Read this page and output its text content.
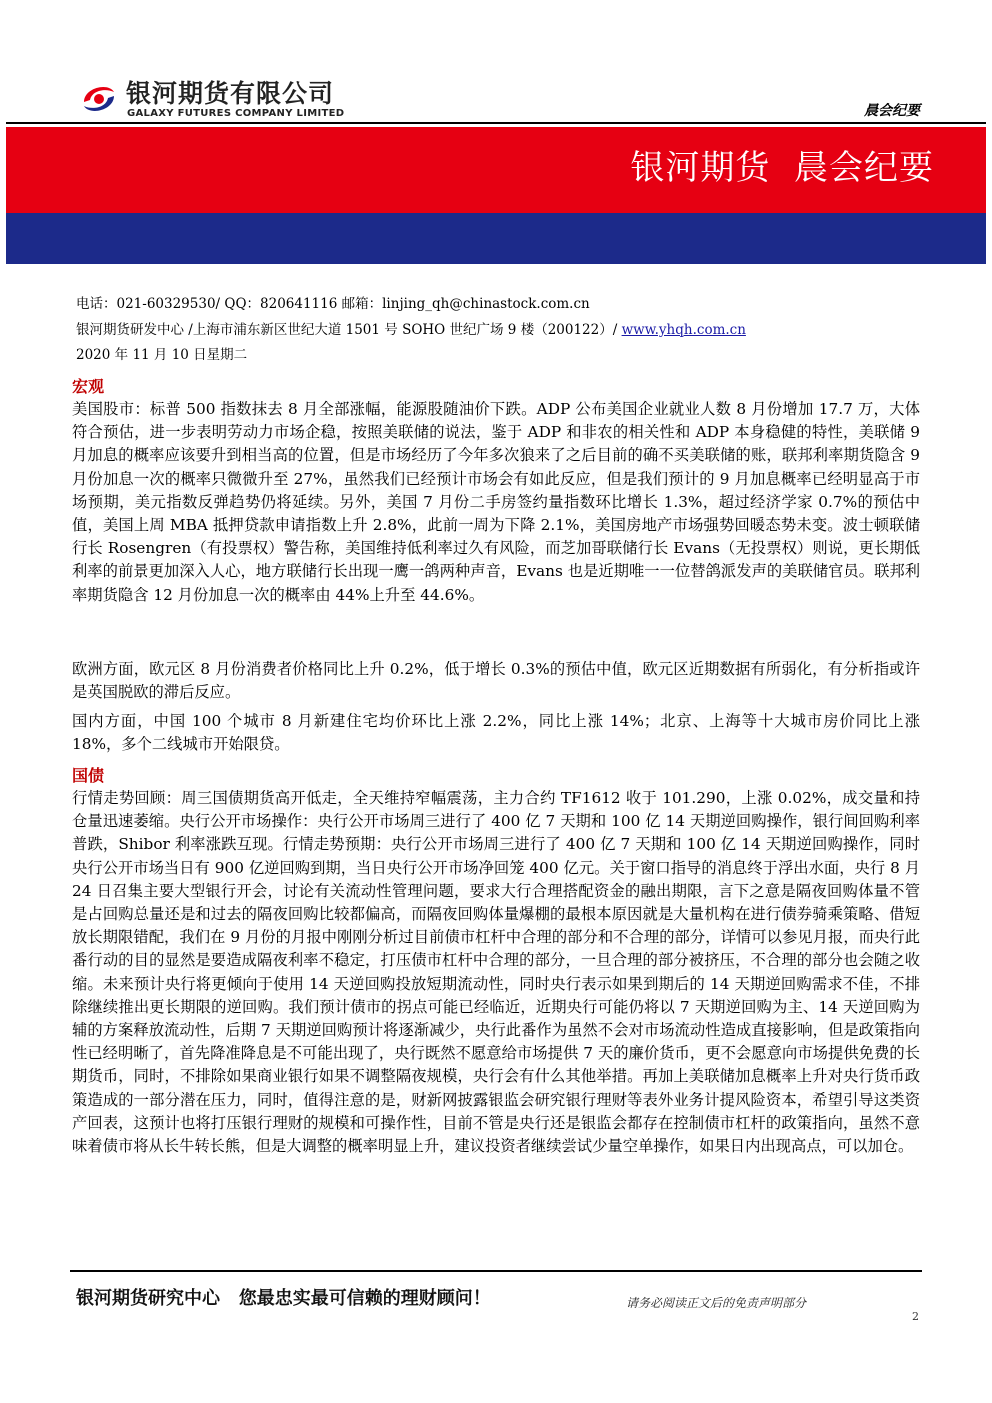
银河期货有限公司
GALAXY FUTURES COMPANY LIMITED	晨会纪要
银河期货  晨会纪要
电话：021-60329530/ QQ：820641116 邮箱：linjing_qh@chinastock.com.cn
银河期货研发中心 /上海市浦东新区世纪大道 1501 号 SOHO 世纪广场 9 楼（200122）/ www.yhqh.com.cn
2020 年 11 月 10 日星期二
宏观

美国股市：标普 500 指数抹去 8 月全部涨幅，能源股随油价下跌。ADP 公布美国企业就业人数 8 月份增加 17.7 万，大体符合预估，进一步表明劳动力市场企稳，按照美联储的说法，鉴于 ADP 和非农的相关性和 ADP 本身稳健的特性，美联储 9 月加息的概率应该要升到相当高的位置，但是市场经历了今年多次狼来了之后目前的确不买美联储的账，联邦利率期货隐含 9 月份加息一次的概率只微微升至 27%，虽然我们已经预计市场会有如此反应，但是我们预计的 9 月加息概率已经明显高于市场预期，美元指数反弹趋势仍将延续。另外，美国 7 月份二手房签约量指数环比增长 1.3%，超过经济学家 0.7%的预估中值，美国上周 MBA 抵押贷款申请指数上升 2.8%，此前一周为下降 2.1%，美国房地产市场强势回暖态势未变。波士顿联储行长 Rosengren（有投票权）警告称，美国维持低利率过久有风险，而芝加哥联储行长 Evans（无投票权）则说，更长期低利率的前景更加深入人心，地方联储行长出现一鹰一鸽两种声音，Evans 也是近期唯一一位替鸽派发声的美联储官员。联邦利率期货隐含 12 月份加息一次的概率由 44%上升至 44.6%。

欧洲方面，欧元区 8 月份消费者价格同比上升 0.2%，低于增长 0.3%的预估中值，欧元区近期数据有所弱化，有分析指或许是英国脱欧的滞后反应。

国内方面，中国 100 个城市 8 月新建住宅均价环比上涨 2.2%，同比上涨 14%；北京、上海等十大城市房价同比上涨 18%，多个二线城市开始限贷。

国债

行情走势回顾：周三国债期货高开低走，全天维持窄幅震荡，主力合约 TF1612 收于 101.290，上涨 0.02%，成交量和持仓量迅速萎缩。央行公开市场操作：央行公开市场周三进行了 400 亿 7 天期和 100 亿 14 天期逆回购操作，银行间回购利率普跌，Shibor 利率涨跌互现。行情走势预期：央行公开市场周三进行了 400 亿 7 天期和 100 亿 14 天期逆回购操作，同时央行公开市场当日有 900 亿逆回购到期，当日央行公开市场净回笼 400 亿元。关于窗口指导的消息终于浮出水面，央行 8 月 24 日召集主要大型银行开会，讨论有关流动性管理问题，要求大行合理搭配资金的融出期限，言下之意是隔夜回购体量不管是占回购总量还是和过去的隔夜回购比较都偏高，而隔夜回购体量爆棚的最根本原因就是大量机构在进行债券骑乘策略、借短放长期限错配，我们在 9 月份的月报中刚刚分析过目前债市杠杆中合理的部分和不合理的部分，详情可以参见月报，而央行此番行动的目的显然是要造成隔夜利率不稳定，打压债市杠杆中合理的部分，一旦合理的部分被挤压，不合理的部分也会随之收缩。未来预计央行将更倾向于使用 14 天逆回购投放短期流动性，同时央行表示如果到期后的 14 天期逆回购需求不佳，不排除继续推出更长期限的逆回购。我们预计债市的拐点可能已经临近，近期央行可能仍将以 7 天期逆回购为主、14 天逆回购为辅的方案释放流动性，后期 7 天期逆回购预计将逐渐减少，央行此番作为虽然不会对市场流动性造成直接影响，但是政策指向性已经明晰了，首先降准降息是不可能出现了，央行既然不愿意给市场提供 7 天的廉价货币，更不会愿意向市场提供免费的长期货币，同时，不排除如果商业银行如果不调整隔夜规模，央行会有什么其他举措。再加上美联储加息概率上升对央行货币政策造成的一部分潜在压力，同时，值得注意的是，财新网披露银监会研究银行理财等表外业务计提风险资本，希望引导这类资产回表，这预计也将打压银行理财的规模和可操作性，目前不管是央行还是银监会都存在控制债市杠杆的政策指向，虽然不意味着债市将从长牛转长熊，但是大调整的概率明显上升，建议投资者继续尝试少量空单操作，如果日内出现高点，可以加仓。

银河期货研究中心   您最忠实最可信赖的理财顾问！	请务必阅读正文后的免责声明部分
2
